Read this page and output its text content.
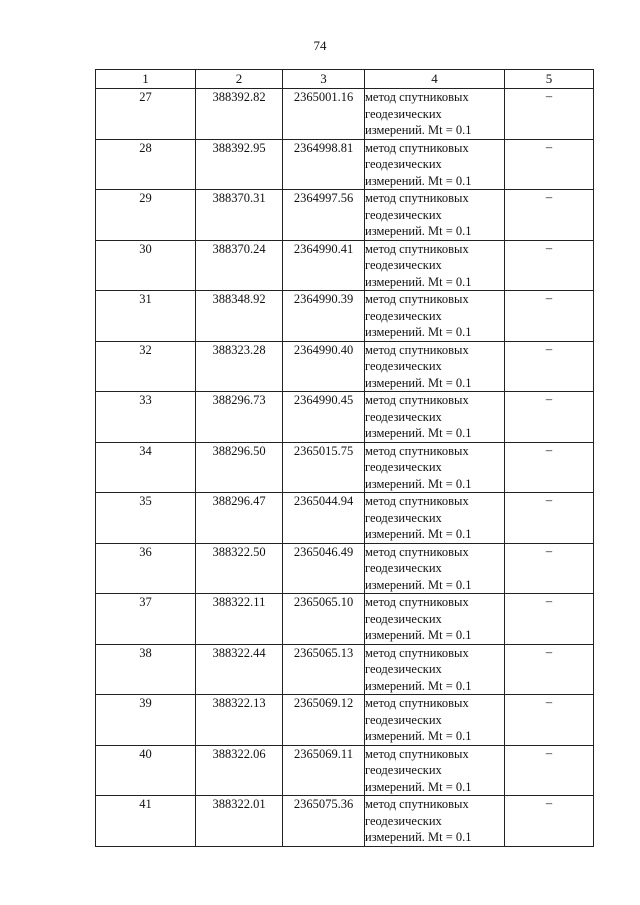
74
1	2	3	4	5
27	388392.82	2365001.16	метод спутниковых
геодезических
измерений. Mt = 0.1	–
28	388392.95	2364998.81	метод спутниковых
геодезических
измерений. Mt = 0.1	–
29	388370.31	2364997.56	метод спутниковых
геодезических
измерений. Mt = 0.1	–
30	388370.24	2364990.41	метод спутниковых
геодезических
измерений. Mt = 0.1	–
31	388348.92	2364990.39	метод спутниковых
геодезических
измерений. Mt = 0.1	–
32	388323.28	2364990.40	метод спутниковых
геодезических
измерений. Mt = 0.1	–
33	388296.73	2364990.45	метод спутниковых
геодезических
измерений. Mt = 0.1	–
34	388296.50	2365015.75	метод спутниковых
геодезических
измерений. Mt = 0.1	–
35	388296.47	2365044.94	метод спутниковых
геодезических
измерений. Mt = 0.1	–
36	388322.50	2365046.49	метод спутниковых
геодезических
измерений. Mt = 0.1	–
37	388322.11	2365065.10	метод спутниковых
геодезических
измерений. Mt = 0.1	–
38	388322.44	2365065.13	метод спутниковых
геодезических
измерений. Mt = 0.1	–
39	388322.13	2365069.12	метод спутниковых
геодезических
измерений. Mt = 0.1	–
40	388322.06	2365069.11	метод спутниковых
геодезических
измерений. Mt = 0.1	–
41	388322.01	2365075.36	метод спутниковых
геодезических
измерений. Mt = 0.1	–
